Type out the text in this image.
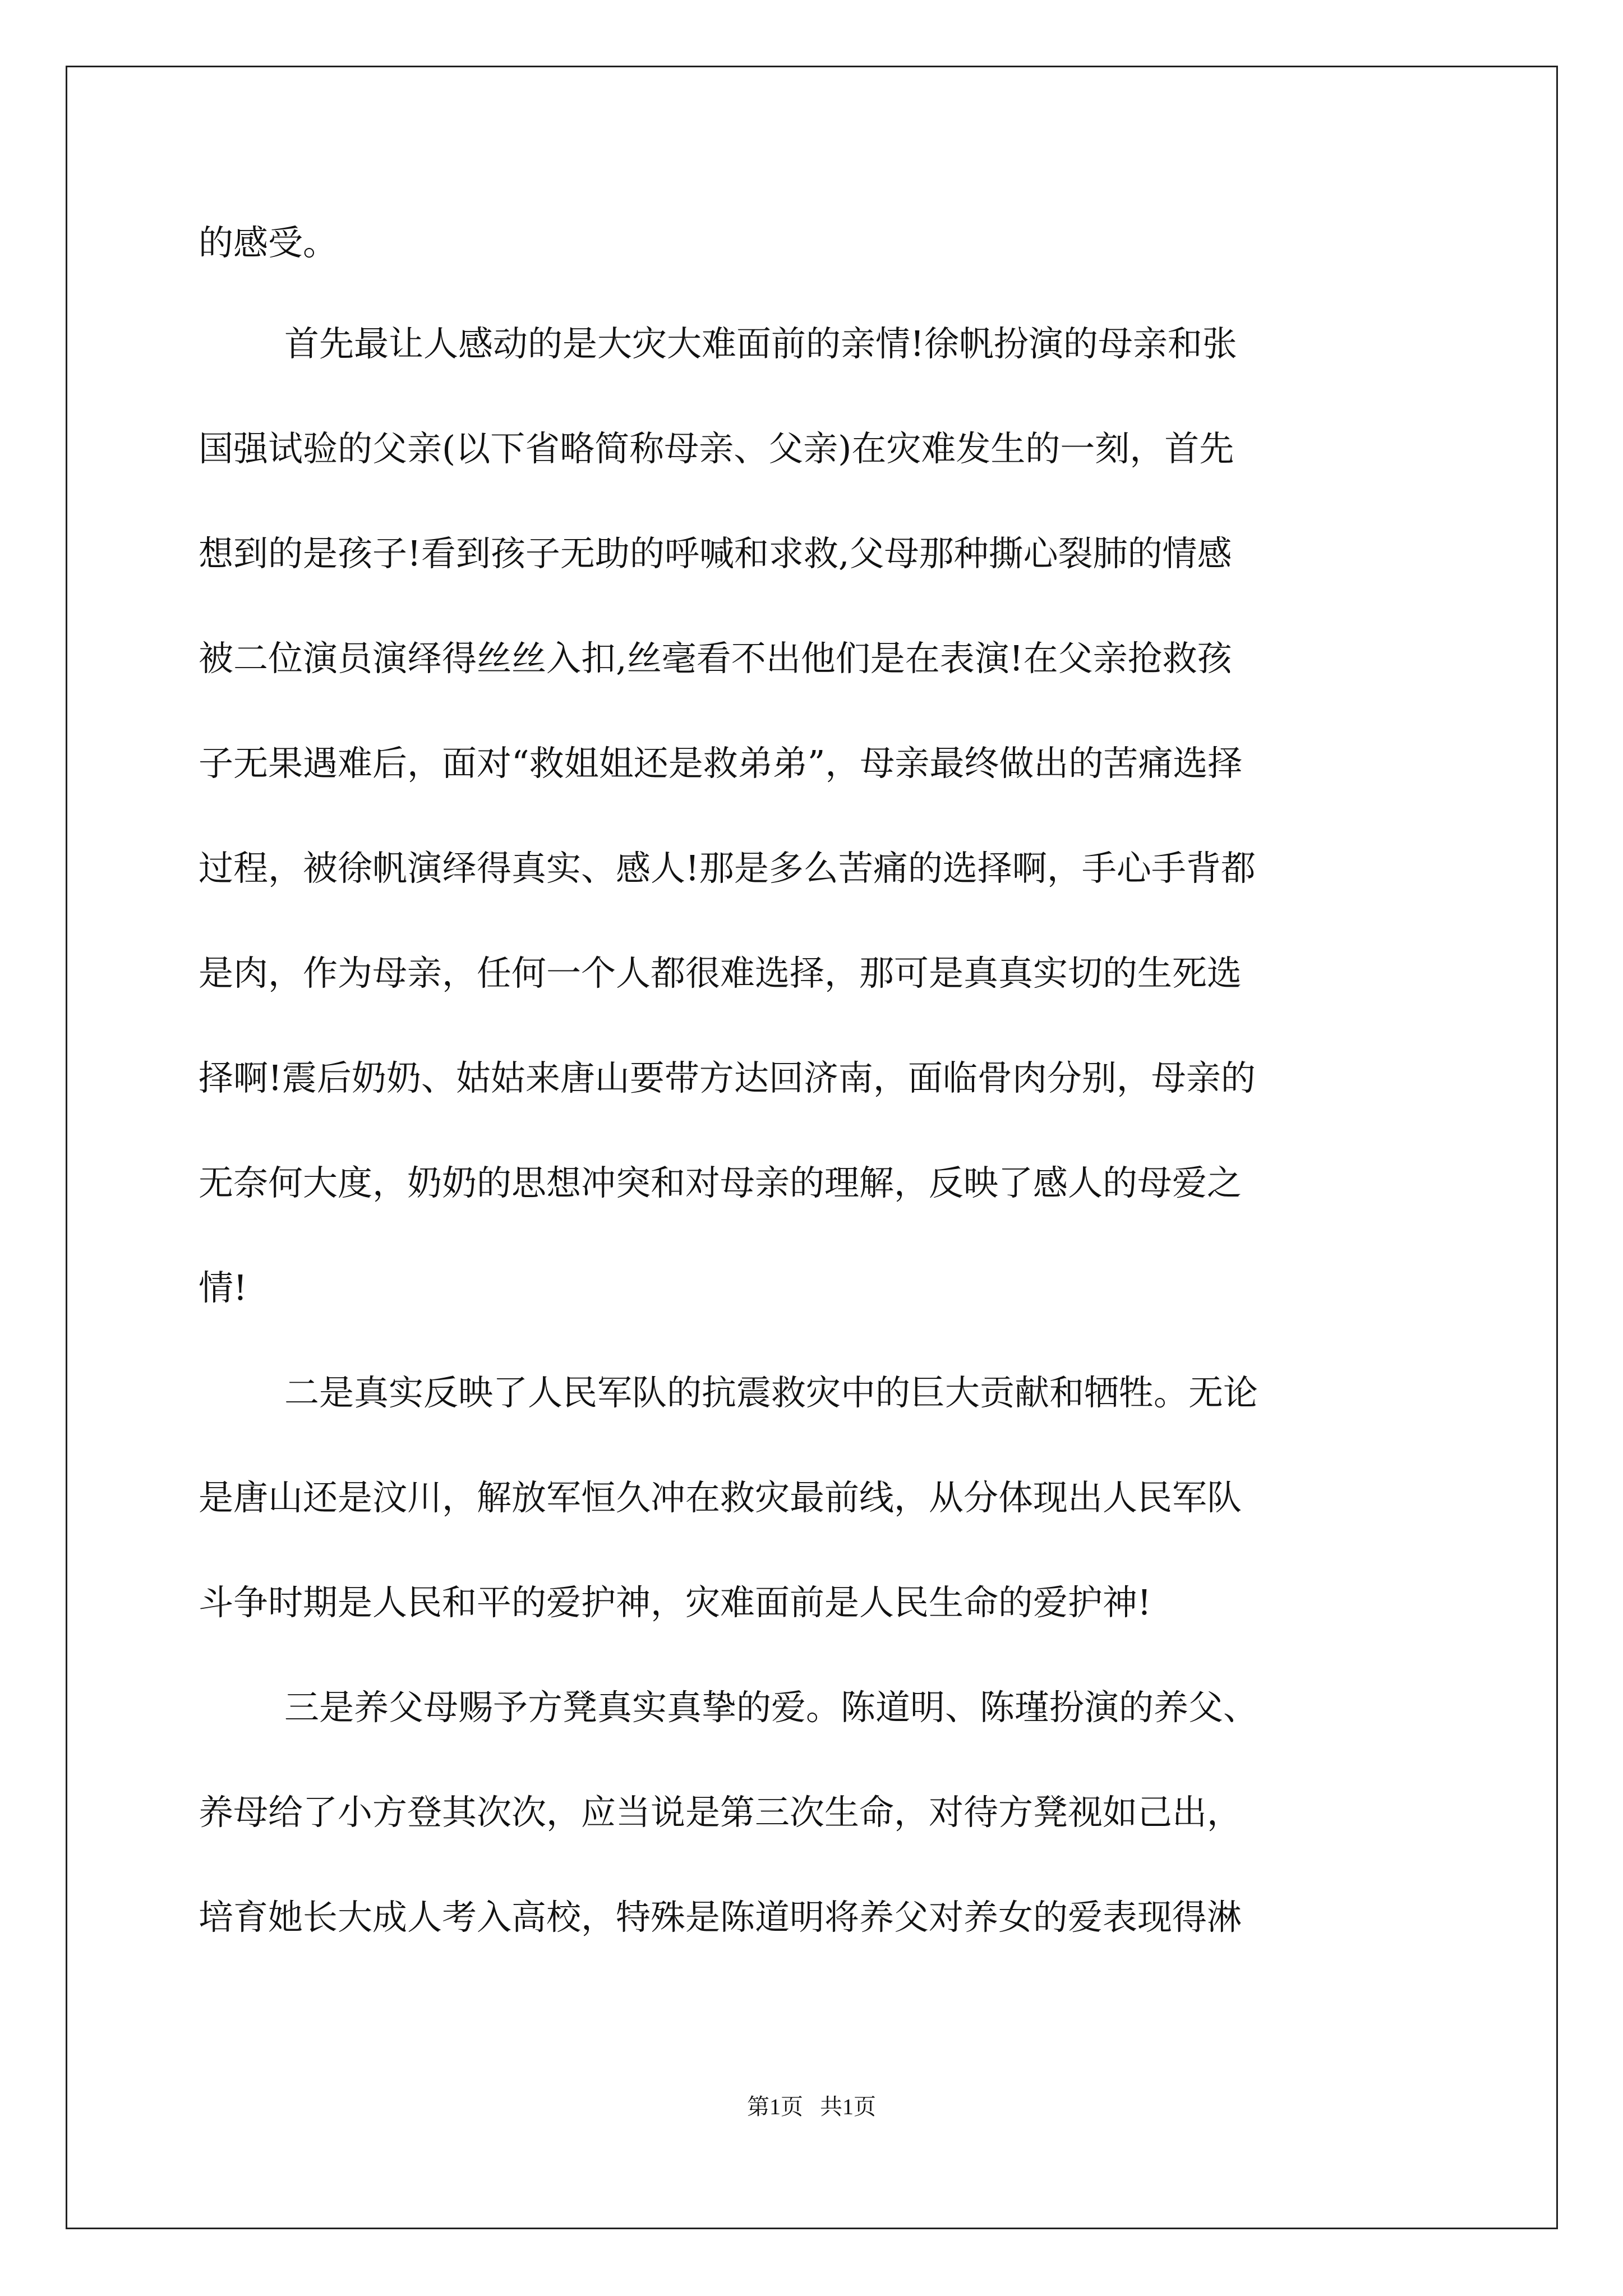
的感受。

首先最让人感动的是大灾大难面前的亲情!徐帆扮演的母亲和张

国强试验的父亲(以下省略简称母亲、父亲)在灾难发生的一刻，首先

想到的是孩子!看到孩子无助的呼喊和求救,父母那种撕心裂肺的情感

被二位演员演绎得丝丝入扣,丝毫看不出他们是在表演!在父亲抢救孩

子无果遇难后，面对“救姐姐还是救弟弟”，母亲最终做出的苦痛选择

过程，被徐帆演绎得真实、感人!那是多么苦痛的选择啊，手心手背都

是肉，作为母亲，任何一个人都很难选择，那可是真真实切的生死选

择啊!震后奶奶、姑姑来唐山要带方达回济南，面临骨肉分别，母亲的

无奈何大度，奶奶的思想冲突和对母亲的理解，反映了感人的母爱之

情!

二是真实反映了人民军队的抗震救灾中的巨大贡献和牺牲。无论

是唐山还是汶川，解放军恒久冲在救灾最前线，从分体现出人民军队

斗争时期是人民和平的爱护神，灾难面前是人民生命的爱护神!

三是养父母赐予方凳真实真挚的爱。陈道明、陈瑾扮演的养父、

养母给了小方登其次次，应当说是第三次生命，对待方凳视如己出，

培育她长大成人考入高校，特殊是陈道明将养父对养女的爱表现得淋

第1页   共1页
